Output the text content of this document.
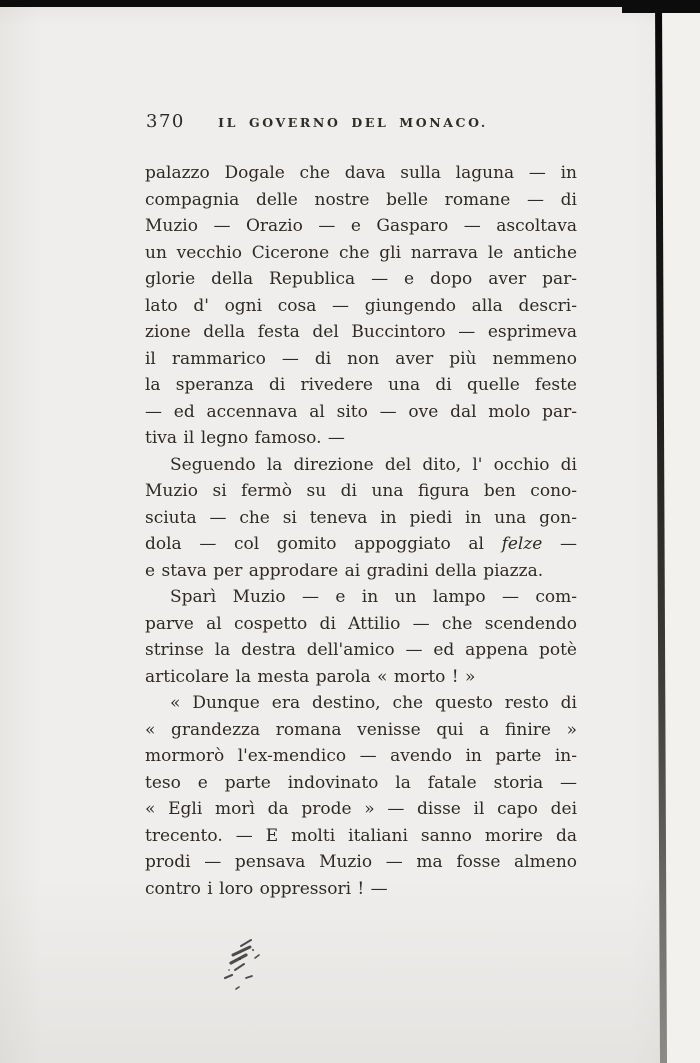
370	IL GOVERNO DEL MONACO.
palazzo Dogale che dava sulla laguna — in
compagnia delle nostre belle romane — di
Muzio — Orazio — e Gasparo — ascoltava
un vecchio Cicerone che gli narrava le antiche
glorie della Republica — e dopo aver par-
lato d' ogni cosa — giungendo alla descri-
zione della festa del Buccintoro — esprimeva
il rammarico — di non aver più nemmeno
la speranza di rivedere una di quelle feste
— ed accennava al sito — ove dal molo par-
tiva il legno famoso. —
Seguendo la direzione del dito, l' occhio di
Muzio si fermò su di una figura ben cono-
sciuta — che si teneva in piedi in una gon-
dola — col gomito appoggiato al felze —
e stava per approdare ai gradini della piazza.
Sparì Muzio — e in un lampo — com-
parve al cospetto di Attilio — che scendendo
strinse la destra dell'amico — ed appena potè
articolare la mesta parola « morto ! »
« Dunque era destino, che questo resto di
« grandezza romana venisse qui a finire »
mormorò l'ex-mendico — avendo in parte in-
teso e parte indovinato la fatale storia —
« Egli morì da prode » — disse il capo dei
trecento. — E molti italiani sanno morire da
prodi — pensava Muzio — ma fosse almeno
contro i loro oppressori ! —
